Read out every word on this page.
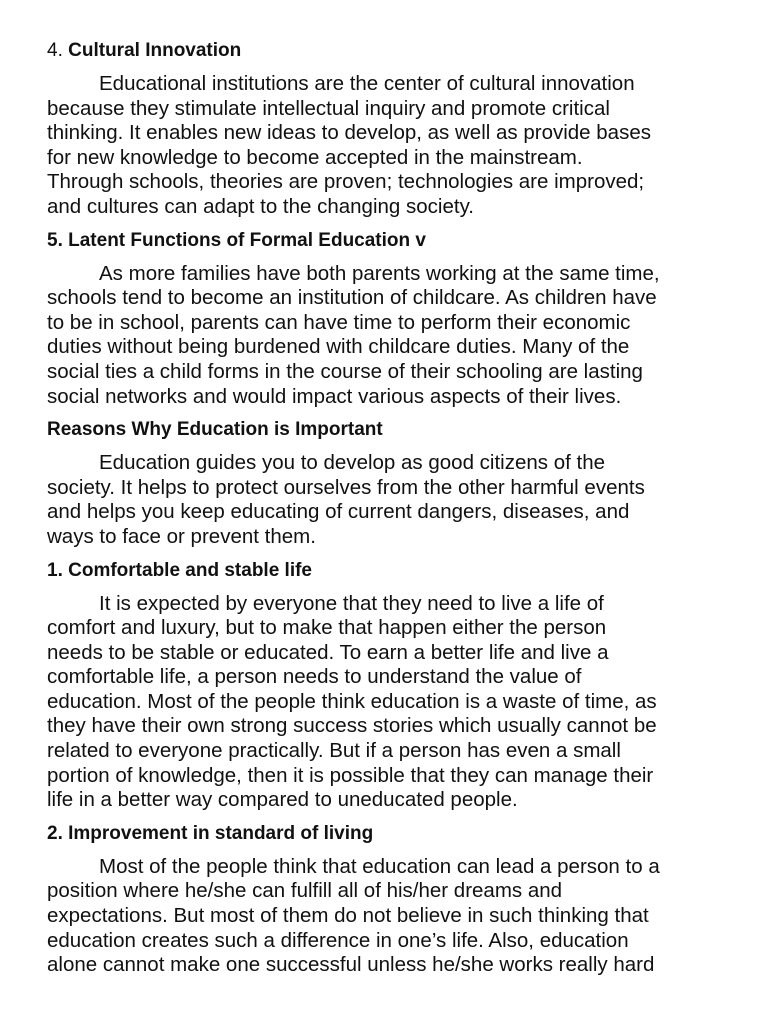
4. Cultural Innovation
Educational institutions are the center of cultural innovation
because they stimulate intellectual inquiry and promote critical
thinking. It enables new ideas to develop, as well as provide bases
for new knowledge to become accepted in the mainstream.
Through schools, theories are proven; technologies are improved;
and cultures can adapt to the changing society.
5. Latent Functions of Formal Education v
As more families have both parents working at the same time,
schools tend to become an institution of childcare. As children have
to be in school, parents can have time to perform their economic
duties without being burdened with childcare duties. Many of the
social ties a child forms in the course of their schooling are lasting
social networks and would impact various aspects of their lives.
Reasons Why Education is Important
Education guides you to develop as good citizens of the
society. It helps to protect ourselves from the other harmful events
and helps you keep educating of current dangers, diseases, and
ways to face or prevent them.
1. Comfortable and stable life
It is expected by everyone that they need to live a life of
comfort and luxury, but to make that happen either the person
needs to be stable or educated. To earn a better life and live a
comfortable life, a person needs to understand the value of
education. Most of the people think education is a waste of time, as
they have their own strong success stories which usually cannot be
related to everyone practically. But if a person has even a small
portion of knowledge, then it is possible that they can manage their
life in a better way compared to uneducated people.
2. Improvement in standard of living
Most of the people think that education can lead a person to a
position where he/she can fulfill all of his/her dreams and
expectations. But most of them do not believe in such thinking that
education creates such a difference in one’s life. Also, education
alone cannot make one successful unless he/she works really hard
